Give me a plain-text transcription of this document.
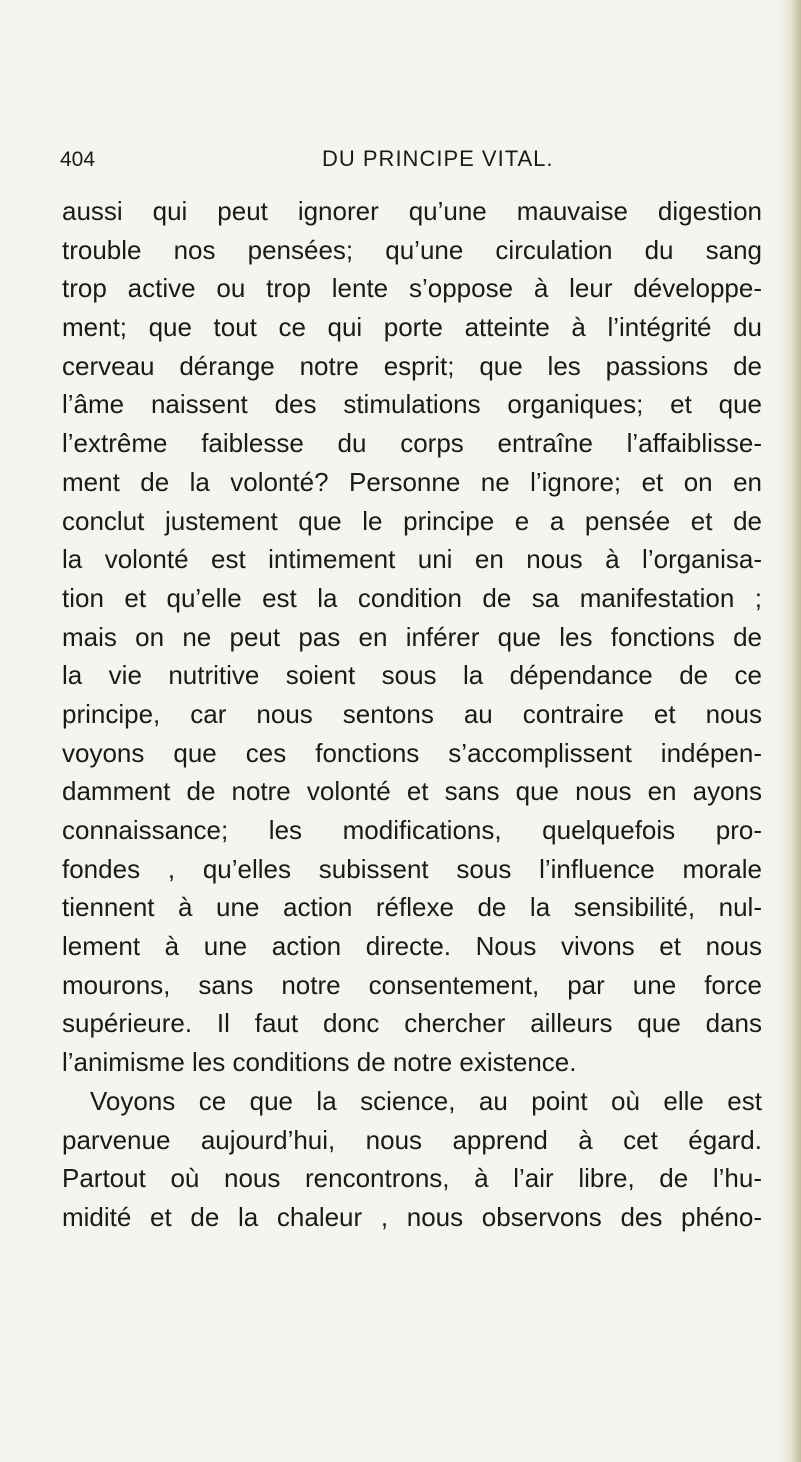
404	DU PRINCIPE VITAL.
aussi qui peut ignorer qu’une mauvaise digestion
trouble nos pensées; qu’une circulation du sang
trop active ou trop lente s’oppose à leur développe-
ment; que tout ce qui porte atteinte à l’intégrité du
cerveau dérange notre esprit; que les passions de
l’âme naissent des stimulations organiques; et que
l’extrême faiblesse du corps entraîne l’affaiblisse-
ment de la volonté? Personne ne l’ignore; et on en
conclut justement que le principe e a pensée et de
la volonté est intimement uni en nous à l’organisa-
tion et qu’elle est la condition de sa manifestation ;
mais on ne peut pas en inférer que les fonctions de
la vie nutritive soient sous la dépendance de ce
principe, car nous sentons au contraire et nous
voyons que ces fonctions s’accomplissent indépen-
damment de notre volonté et sans que nous en ayons
connaissance; les modifications, quelquefois pro-
fondes , qu’elles subissent sous l’influence morale
tiennent à une action réflexe de la sensibilité, nul-
lement à une action directe. Nous vivons et nous
mourons, sans notre consentement, par une force
supérieure. Il faut donc chercher ailleurs que dans
l’animisme les conditions de notre existence.
Voyons ce que la science, au point où elle est
parvenue aujourd’hui, nous apprend à cet égard.
Partout où nous rencontrons, à l’air libre, de l’hu-
midité et de la chaleur , nous observons des phéno-
